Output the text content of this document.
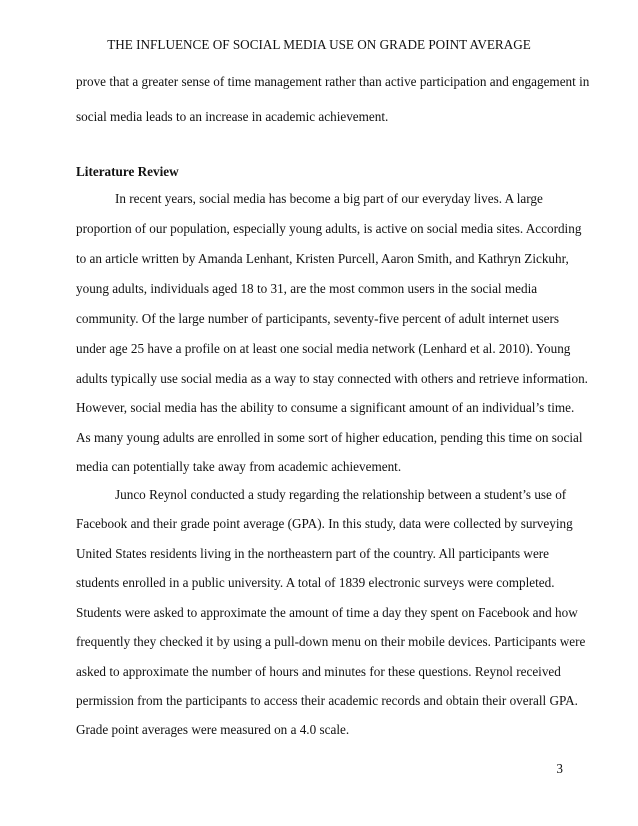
THE INFLUENCE OF SOCIAL MEDIA USE ON GRADE POINT AVERAGE
prove that a greater sense of time management rather than active participation and engagement in
social media leads to an increase in academic achievement.
Literature Review
In recent years, social media has become a big part of our everyday lives. A large
proportion of our population, especially young adults, is active on social media sites. According
to an article written by Amanda Lenhant, Kristen Purcell, Aaron Smith, and Kathryn Zickuhr,
young adults, individuals aged 18 to 31, are the most common users in the social media
community. Of the large number of participants, seventy-five percent of adult internet users
under age 25 have a profile on at least one social media network (Lenhard et al. 2010). Young
adults typically use social media as a way to stay connected with others and retrieve information.
However, social media has the ability to consume a significant amount of an individual’s time.
As many young adults are enrolled in some sort of higher education, pending this time on social
media can potentially take away from academic achievement.
Junco Reynol conducted a study regarding the relationship between a student’s use of
Facebook and their grade point average (GPA). In this study, data were collected by surveying
United States residents living in the northeastern part of the country. All participants were
students enrolled in a public university. A total of 1839 electronic surveys were completed.
Students were asked to approximate the amount of time a day they spent on Facebook and how
frequently they checked it by using a pull-down menu on their mobile devices. Participants were
asked to approximate the number of hours and minutes for these questions. Reynol received
permission from the participants to access their academic records and obtain their overall GPA.
Grade point averages were measured on a 4.0 scale.
3
